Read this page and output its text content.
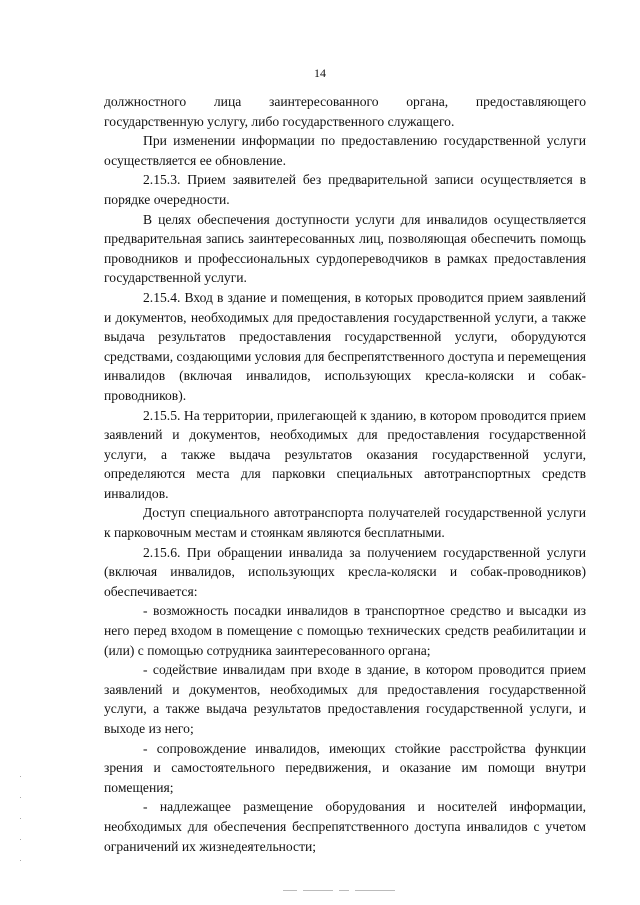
14

должностного лица заинтересованного органа, предоставляющего государственную услугу, либо государственного служащего.

При изменении информации по предоставлению государственной услуги осуществляется ее обновление.

2.15.3. Прием заявителей без предварительной записи осуществляется в порядке очередности.

В целях обеспечения доступности услуги для инвалидов осуществляется предварительная запись заинтересованных лиц, позволяющая обеспечить помощь проводников и профессиональных сурдопереводчиков в рамках предоставления государственной услуги.

2.15.4. Вход в здание и помещения, в которых проводится прием заявлений и документов, необходимых для предоставления государственной услуги, а также выдача результатов предоставления государственной услуги, оборудуются средствами, создающими условия для беспрепятственного доступа и перемещения инвалидов (включая инвалидов, использующих кресла-коляски и собак-проводников).

2.15.5. На территории, прилегающей к зданию, в котором проводится прием заявлений и документов, необходимых для предоставления государственной услуги, а также выдача результатов оказания государственной услуги, определяются места для парковки специальных автотранспортных средств инвалидов.

Доступ специального автотранспорта получателей государственной услуги к парковочным местам и стоянкам являются бесплатными.

2.15.6. При обращении инвалида за получением государственной услуги (включая инвалидов, использующих кресла-коляски и собак-проводников) обеспечивается:

- возможность посадки инвалидов в транспортное средство и высадки из него перед входом в помещение с помощью технических средств реабилитации и (или) с помощью сотрудника заинтересованного органа;

- содействие инвалидам при входе в здание, в котором проводится прием заявлений и документов, необходимых для предоставления государственной услуги, а также выдача результатов предоставления государственной услуги, и выходе из него;

- сопровождение инвалидов, имеющих стойкие расстройства функции зрения и самостоятельного передвижения, и оказание им помощи внутри помещения;

- надлежащее размещение оборудования и носителей информации, необходимых для обеспечения беспрепятственного доступа инвалидов с учетом ограничений их жизнедеятельности;
